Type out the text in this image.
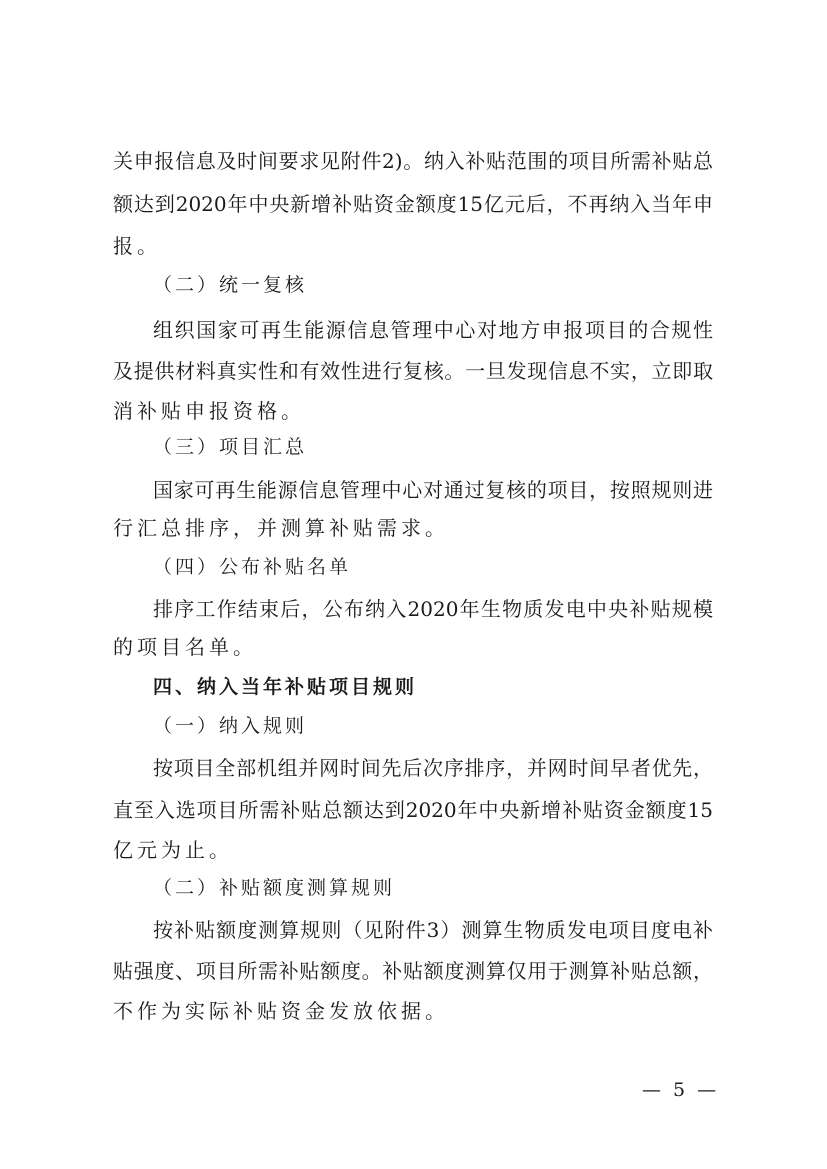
关申报信息及时间要求见附件2)。纳入补贴范围的项目所需补贴总
额达到2020年中央新增补贴资金额度15亿元后，不再纳入当年申
报。
（二）统一复核
组织国家可再生能源信息管理中心对地方申报项目的合规性
及提供材料真实性和有效性进行复核。一旦发现信息不实，立即取
消补贴申报资格。
（三）项目汇总
国家可再生能源信息管理中心对通过复核的项目，按照规则进
行汇总排序，并测算补贴需求。
（四）公布补贴名单
排序工作结束后，公布纳入2020年生物质发电中央补贴规模
的项目名单。
四、纳入当年补贴项目规则
（一）纳入规则
按项目全部机组并网时间先后次序排序，并网时间早者优先，
直至入选项目所需补贴总额达到2020年中央新增补贴资金额度15
亿元为止。
（二）补贴额度测算规则
按补贴额度测算规则（见附件3）测算生物质发电项目度电补
贴强度、项目所需补贴额度。补贴额度测算仅用于测算补贴总额，
不作为实际补贴资金发放依据。
— 5 —
